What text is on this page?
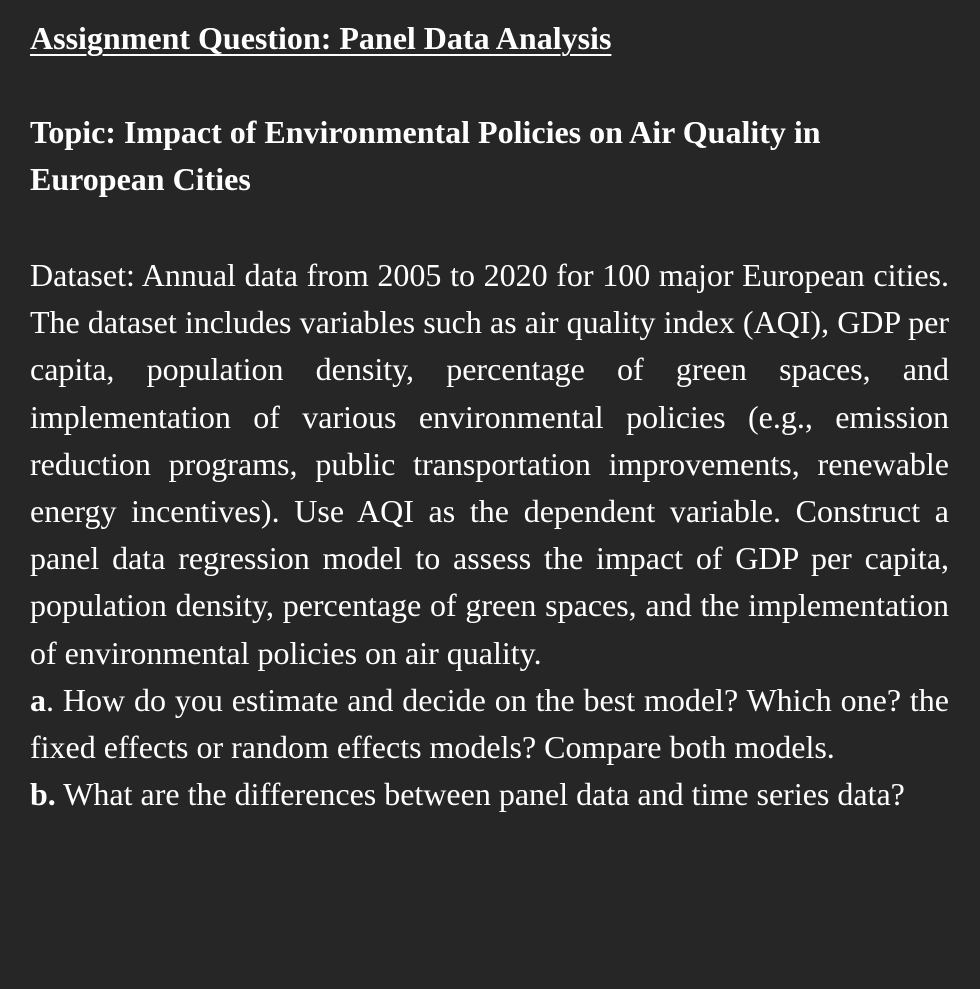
Assignment Question: Panel Data Analysis
Topic: Impact of Environmental Policies on Air Quality in European Cities

Dataset: Annual data from 2005 to 2020 for 100 major European cities. The dataset includes variables such as air quality index (AQI), GDP per capita, population density, percentage of green spaces, and implementation of various environmental policies (e.g., emission reduction programs, public transportation improvements, renewable energy incentives). Use AQI as the dependent variable. Construct a panel data regression model to assess the impact of GDP per capita, population density, percentage of green spaces, and the implementation of environmental policies on air quality.

a. How do you estimate and decide on the best model? Which one? the fixed effects or random effects models? Compare both models.

b. What are the differences between panel data and time series data?
